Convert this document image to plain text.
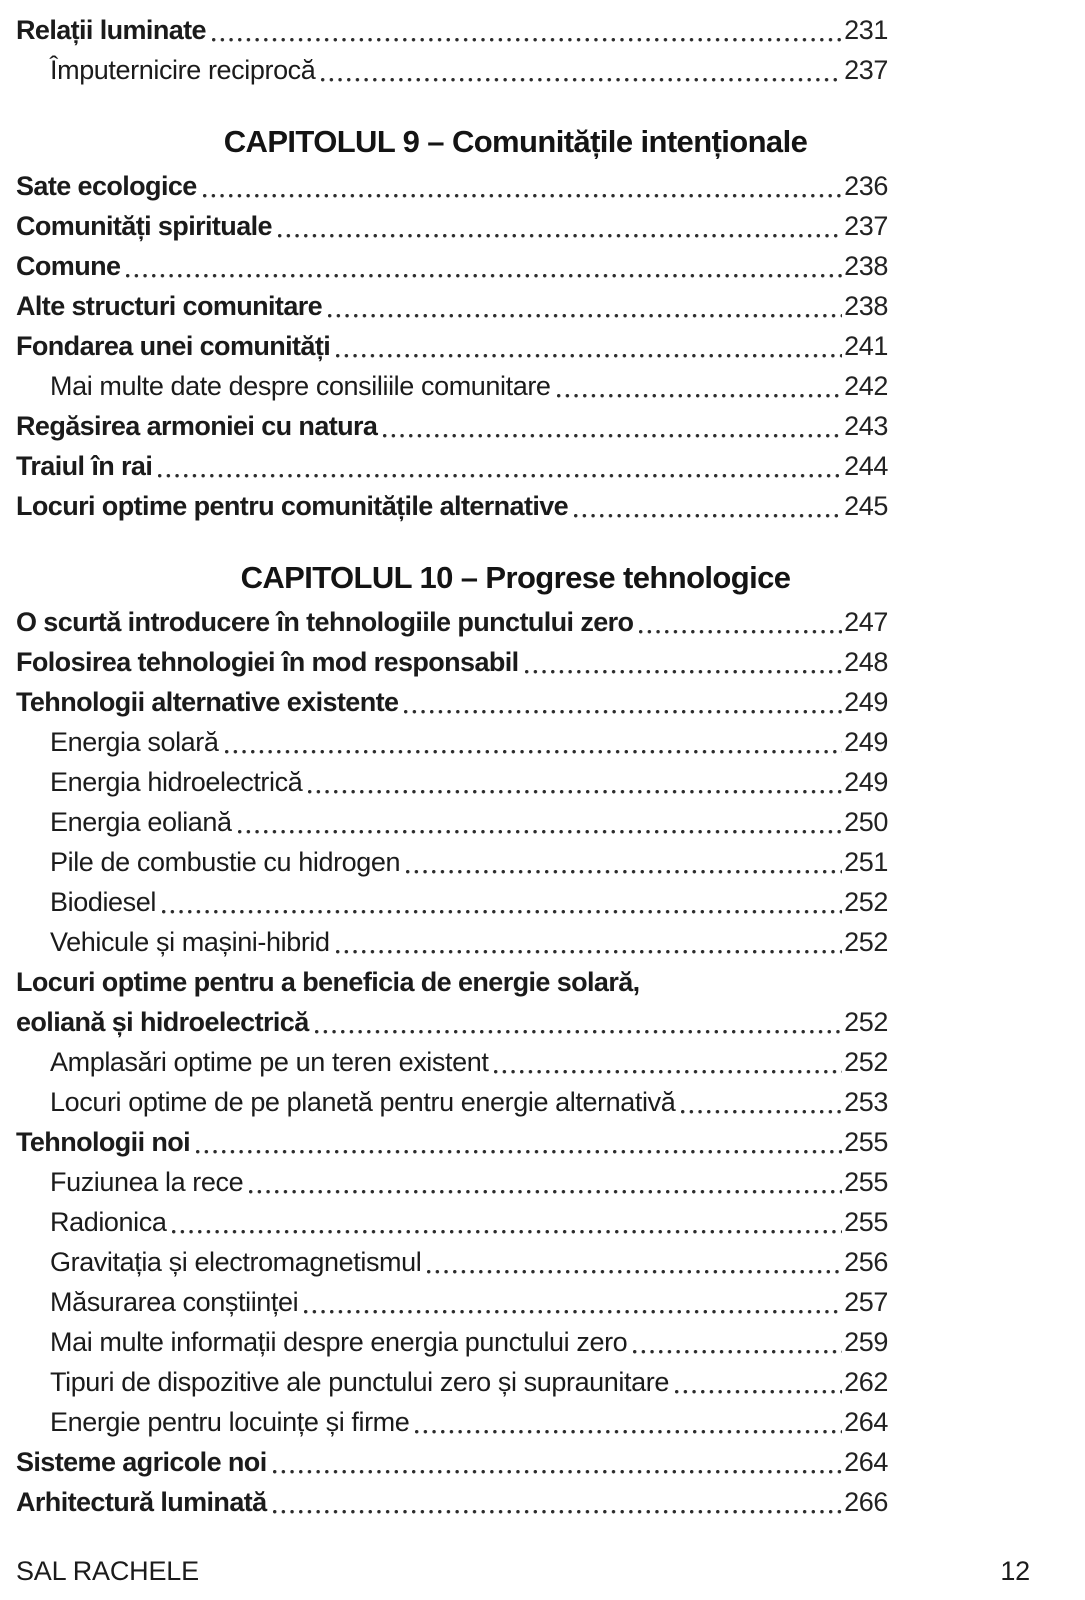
Relații luminate	231
Împuternicire reciprocă	237
CAPITOLUL 9 – Comunitățile intenționale
Sate ecologice	236
Comunități spirituale	237
Comune	238
Alte structuri comunitare	238
Fondarea unei comunități	241
Mai multe date despre consiliile comunitare	242
Regăsirea armoniei cu natura	243
Traiul în rai	244
Locuri optime pentru comunitățile alternative	245
CAPITOLUL 10 – Progrese tehnologice
O scurtă introducere în tehnologiile punctului zero	247
Folosirea tehnologiei în mod responsabil	248
Tehnologii alternative existente	249
Energia solară	249
Energia hidroelectrică	249
Energia eoliană	250
Pile de combustie cu hidrogen	251
Biodiesel	252
Vehicule și mașini-hibrid	252
Locuri optime pentru a beneficia de energie solară,
eoliană și hidroelectrică	252
Amplasări optime pe un teren existent	252
Locuri optime de pe planetă pentru energie alternativă	253
Tehnologii noi	255
Fuziunea la rece	255
Radionica	255
Gravitația și electromagnetismul	256
Măsurarea conștiinței	257
Mai multe informații despre energia punctului zero	259
Tipuri de dispozitive ale punctului zero și supraunitare	262
Energie pentru locuințe și firme	264
Sisteme agricole noi	264
Arhitectură luminată	266
SAL RACHELE	12
